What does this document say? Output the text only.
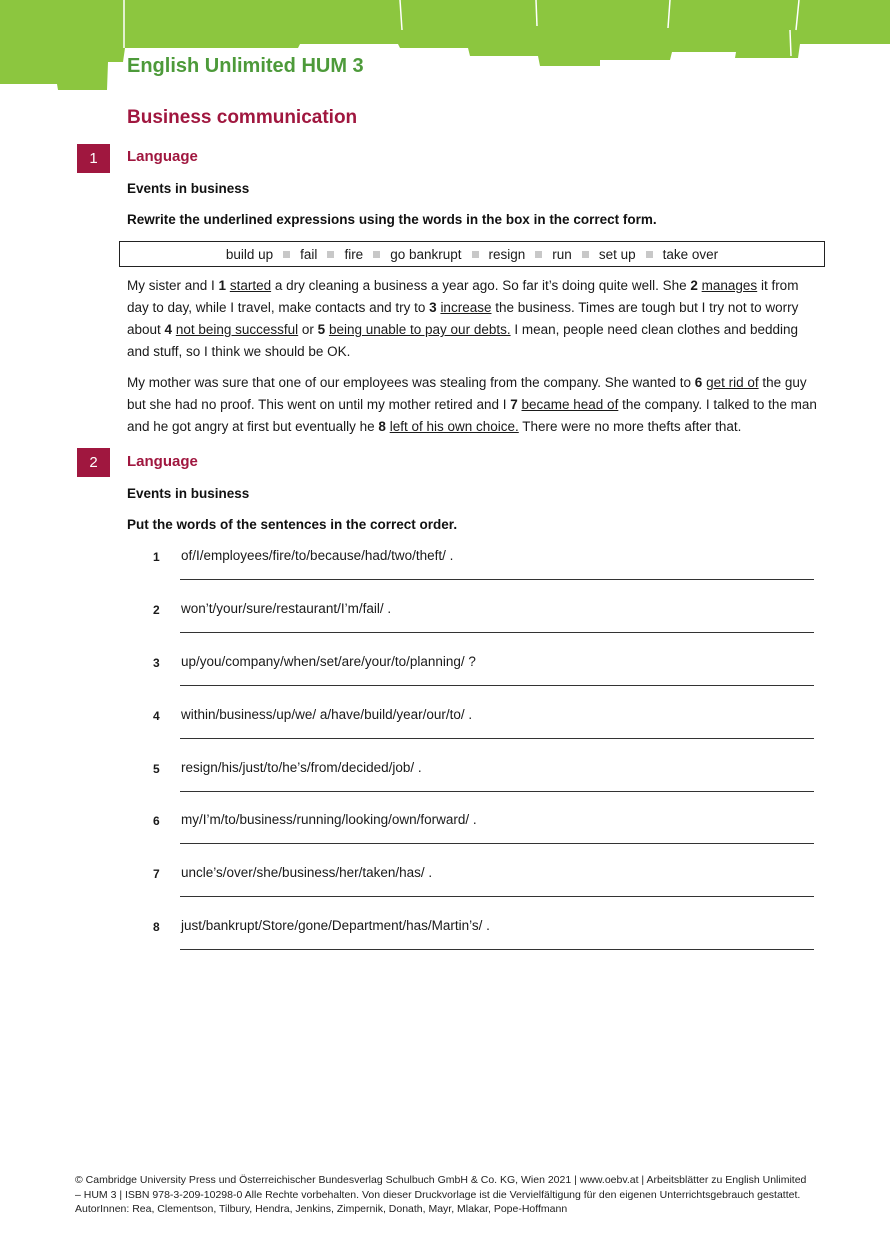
English Unlimited HUM 3
Business communication
1	Language
Events in business
Rewrite the underlined expressions using the words in the box in the correct form.
build up fail fire go bankrupt resign run set up take over
My sister and I 1 started a dry cleaning a business a year ago. So far it’s doing quite well. She 2 manages it from day to day, while I travel, make contacts and try to 3 increase the business. Times are tough but I try not to worry about 4 not being successful or 5 being unable to pay our debts. I mean, people need clean clothes and bedding and stuff, so I think we should be OK.
My mother was sure that one of our employees was stealing from the company. She wanted to 6 get rid of the guy but she had no proof. This went on until my mother retired and I 7 became head of the company. I talked to the man and he got angry at first but eventually he 8 left of his own choice. There were no more thefts after that.
2	Language
Events in business
Put the words of the sentences in the correct order.
1 of/I/employees/fire/to/because/had/two/theft/ .
2 won’t/your/sure/restaurant/I’m/fail/ .
3 up/you/company/when/set/are/your/to/planning/ ?
4 within/business/up/we/ a/have/build/year/our/to/ .
5 resign/his/just/to/he’s/from/decided/job/ .
6 my/I’m/to/business/running/looking/own/forward/ .
7 uncle’s/over/she/business/her/taken/has/ .
8 just/bankrupt/Store/gone/Department/has/Martin’s/ .
© Cambridge University Press und Österreichischer Bundesverlag Schulbuch GmbH & Co. KG, Wien 2021 | www.oebv.at | Arbeitsblätter zu English Unlimited – HUM 3 | ISBN 978-3-209-10298-0 Alle Rechte vorbehalten. Von dieser Druckvorlage ist die Vervielfältigung für den eigenen Unterrichtsgebrauch gestattet.
AutorInnen: Rea, Clementson, Tilbury, Hendra, Jenkins, Zimpernik, Donath, Mayr, Mlakar, Pope-Hoffmann
